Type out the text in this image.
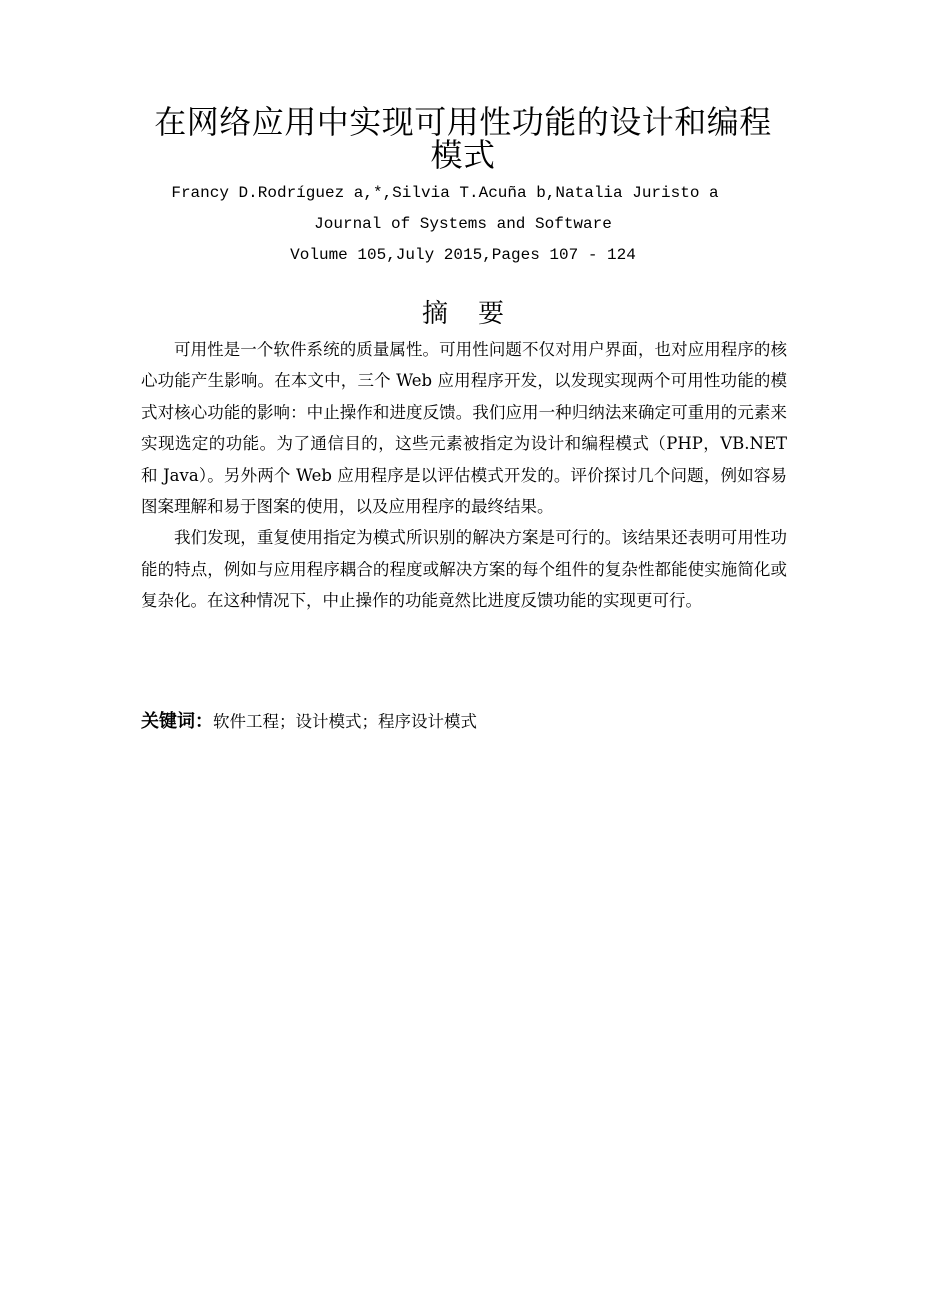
在网络应用中实现可用性功能的设计和编程模式
Francy D.Rodríguez a,*,Silvia T.Acuña b,Natalia Juristo a
Journal of Systems and Software
Volume 105,July 2015,Pages 107 - 124
摘要

可用性是一个软件系统的质量属性。可用性问题不仅对用户界面，也对应用程序的核心功能产生影响。在本文中，三个 Web 应用程序开发，以发现实现两个可用性功能的模式对核心功能的影响：中止操作和进度反馈。我们应用一种归纳法来确定可重用的元素来实现选定的功能。为了通信目的，这些元素被指定为设计和编程模式（PHP，VB.NET 和 Java）。另外两个 Web 应用程序是以评估模式开发的。评价探讨几个问题，例如容易图案理解和易于图案的使用，以及应用程序的最终结果。

我们发现，重复使用指定为模式所识别的解决方案是可行的。该结果还表明可用性功能的特点，例如与应用程序耦合的程度或解决方案的每个组件的复杂性都能使实施简化或复杂化。在这种情况下，中止操作的功能竟然比进度反馈功能的实现更可行。

关键词：软件工程；设计模式；程序设计模式
